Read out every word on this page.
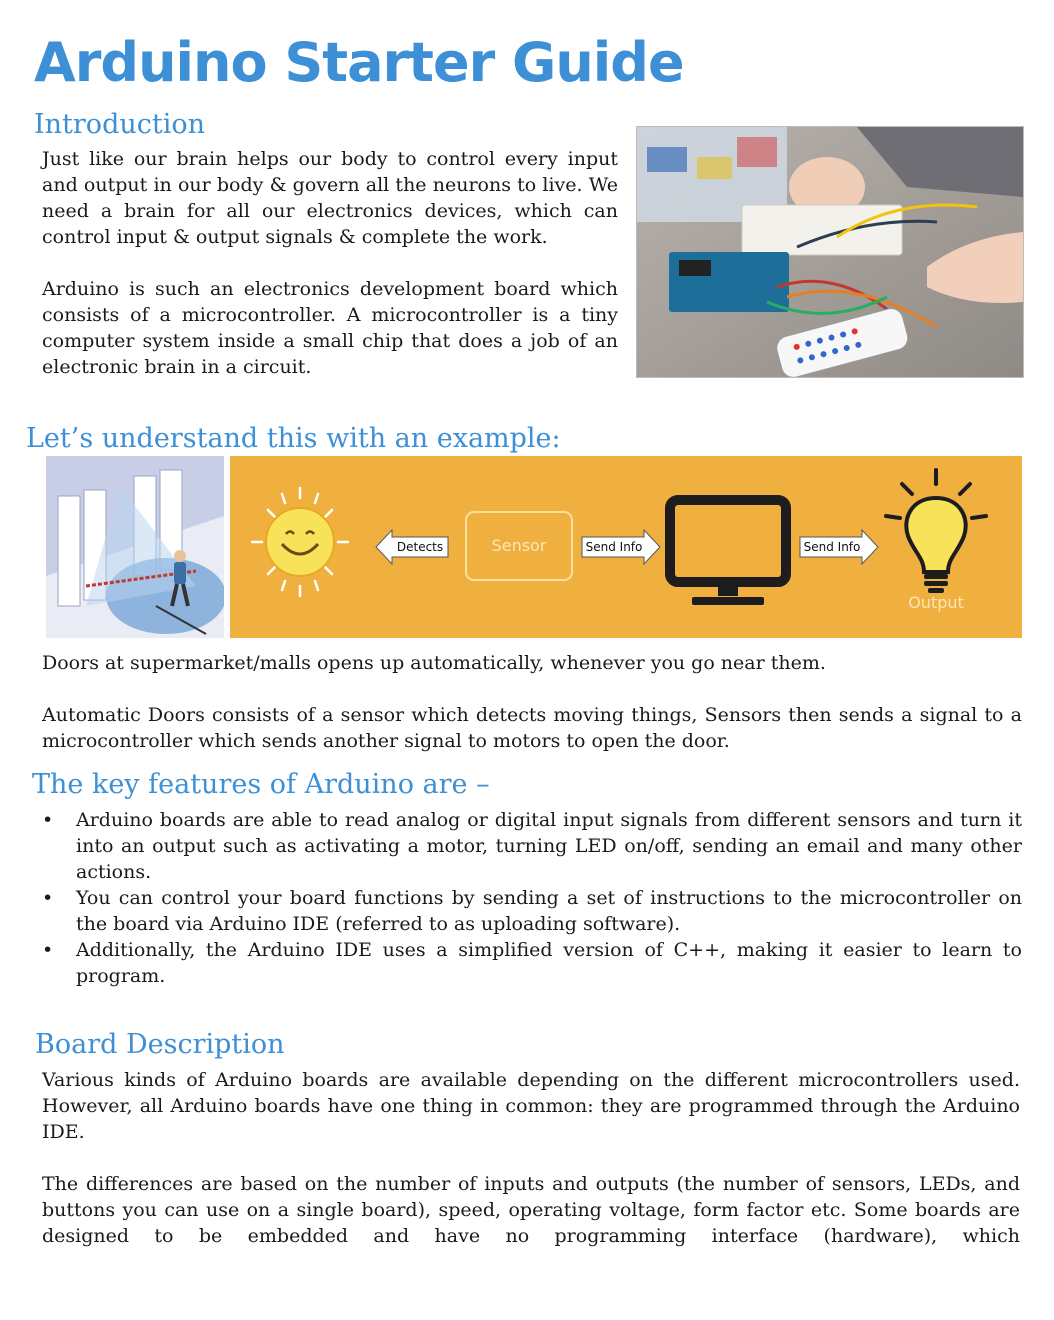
Arduino Starter Guide
Introduction

Just like our brain helps our body to control every input and output in our body & govern all the neurons to live. We need a brain for all our electronics devices, which can control input & output signals & complete the work.

Arduino is such an electronics development board which consists of a microcontroller. A microcontroller is a tiny computer system inside a small chip that does a job of an electronic brain in a circuit.

Let’s understand this with an example:
Detects	Sensor	Send Info	Send Info
Output
Doors at supermarket/malls opens up automatically, whenever you go near them.
Automatic Doors consists of a sensor which detects moving things, Sensors then sends a signal to a microcontroller which sends another signal to motors to open the door.
The key features of Arduino are –
• Arduino boards are able to read analog or digital input signals from different sensors and turn it into an output such as activating a motor, turning LED on/off, sending an email and many other actions.
• You can control your board functions by sending a set of instructions to the microcontroller on the board via Arduino IDE (referred to as uploading software).
• Additionally, the Arduino IDE uses a simplified version of C++, making it easier to learn to program.
Board Description

Various kinds of Arduino boards are available depending on the different microcontrollers used. However, all Arduino boards have one thing in common: they are programmed through the Arduino IDE.

The differences are based on the number of inputs and outputs (the number of sensors, LEDs, and buttons you can use on a single board), speed, operating voltage, form factor etc. Some boards are designed to be embedded and have no programming interface (hardware), which
